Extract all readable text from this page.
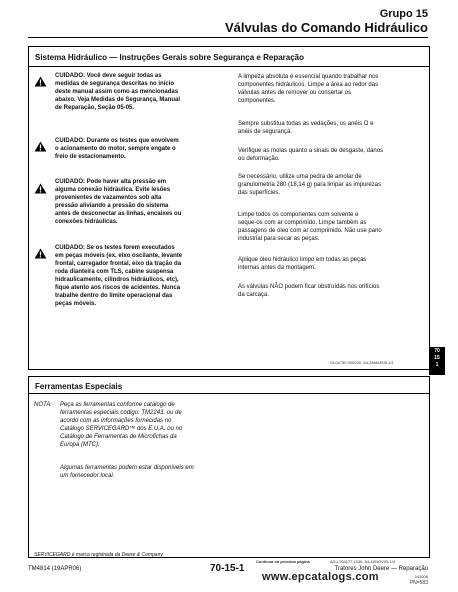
Grupo 15
Válvulas do Comando Hidráulico
Sistema Hidráulico — Instruções Gerais sobre Segurança e Reparação
CUIDADO: Você deve seguir todas as
medidas de segurança descritas no início
deste manual assim como as mencionadas
abaixo. Veja Medidas de Segurança, Manual
de Reparação, Seção 05-05.
CUIDADO: Durante os testes que envolvem
o acionamento do motor, sempre engate o
freio de estacionamento.
CUIDADO: Pode haver alta pressão em
alguma conexão hidráulica. Evite lesões
provenientes de vazamentos sob alta
pressão aliviando a pressão do sistema
antes de desconectar as linhas, encaixes ou
conexões hidráulicas.
CUIDADO: Se os testes forem executados
em peças móveis (ex. eixo oscilante, levante
frontal, carregador frontal, eixo da tração da
roda dianteira com TLS, cabine suspensa
hidraulicamente, cilindros hidráulicos, etc),
fique atento aos riscos de acidentes. Nunca
trabalhe dentro do limite operacional das
peças móveis.
A limpeza absoluta é essencial quando trabalhar nos
componentes hidráulicos. Limpe a área ao redor das
válvulas antes de remover ou consertar os
componentes.
Sempre substitua todas as vedações, os anéis O e
anéis de segurança.
Verifique as molas quanto a sinais de desgaste, danos
ou deformação.
Se necessário, utilize uma pedra de amolar de
granulometria 280 (18,14 g) para limpar as impurezas
das superfícies.
Limpe todos os componentes com solvente e
seque-os com ar comprimido. Limpe também as
passagens de óleo com ar comprimido. Não use pano
industrial para secar as peças.
Aplique óleo hidráulico limpo em todas as peças
internas antes da montagem.
As válvulas NÃO podem ficar obstruídas nos orifícios
da carcaça.
GL04739 000030 -54-28MAR05-1/1
70
15
1
Ferramentas Especiais
NOTA: Peça as ferramentas conforme catálogo de
ferramentas especiais código: TM2243, ou de
acordo com as informações fornecidas no
Catálogo SERVICEGARD™ dos E.U.A. ou no
Catálogo de Ferramentas de Microfichas da
Europa (MTC).
Algumas ferramentas podem estar disponíveis em
um fornecedor local.
SERVICEGARD é marca registrada da Deere & Company
Continua na próxima página	AG,LT04177,1038 -54-10NOV05-1/4
TM4814 (19APR06)	70-15-1	Tratores John Deere — Reparação
043006
PN=583
www.epcatalogs.com
